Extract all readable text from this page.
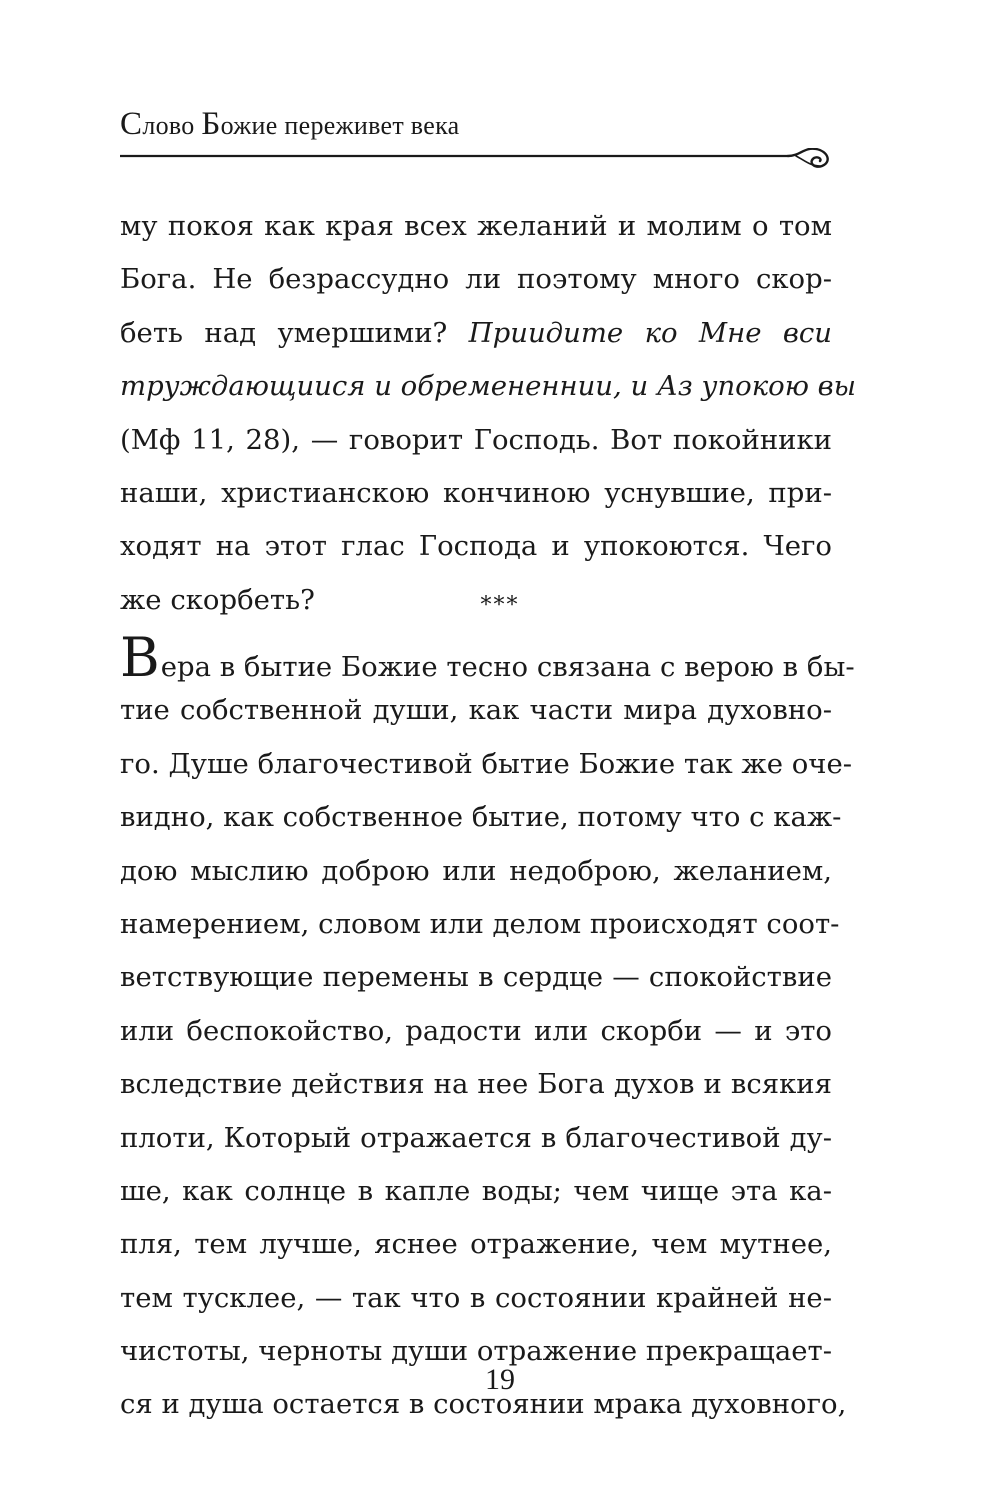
Слово Божие переживет века
му покоя как края всех желаний и молим о том
Бога. Не безрассудно ли поэтому много скор-
беть над умершими? Приидите ко Мне вси
труждающиися и обремененнии, и Аз упокою вы
(Мф 11, 28), — говорит Господь. Вот покойники
наши, христианскою кончиною уснувшие, при-
ходят на этот глас Господа и упокоются. Чего
же скорбеть?	***
Вера в бытие Божие тесно связана с верою в бы-
тие собственной души, как части мира духовно-
го. Душе благочестивой бытие Божие так же оче-
видно, как собственное бытие, потому что с каж-
дою мыслию доброю или недоброю, желанием,
намерением, словом или делом происходят соот-
ветствующие перемены в сердце — спокойствие
или беспокойство, радости или скорби — и это
вследствие действия на нее Бога духов и всякия
плоти, Который отражается в благочестивой ду-
ше, как солнце в капле воды; чем чище эта ка-
пля, тем лучше, яснее отражение, чем мутнее,
тем тусклее, — так что в состоянии крайней не-
чистоты, черноты души отражение прекращает-
ся и душа остается в состоянии мрака духовного,
19
